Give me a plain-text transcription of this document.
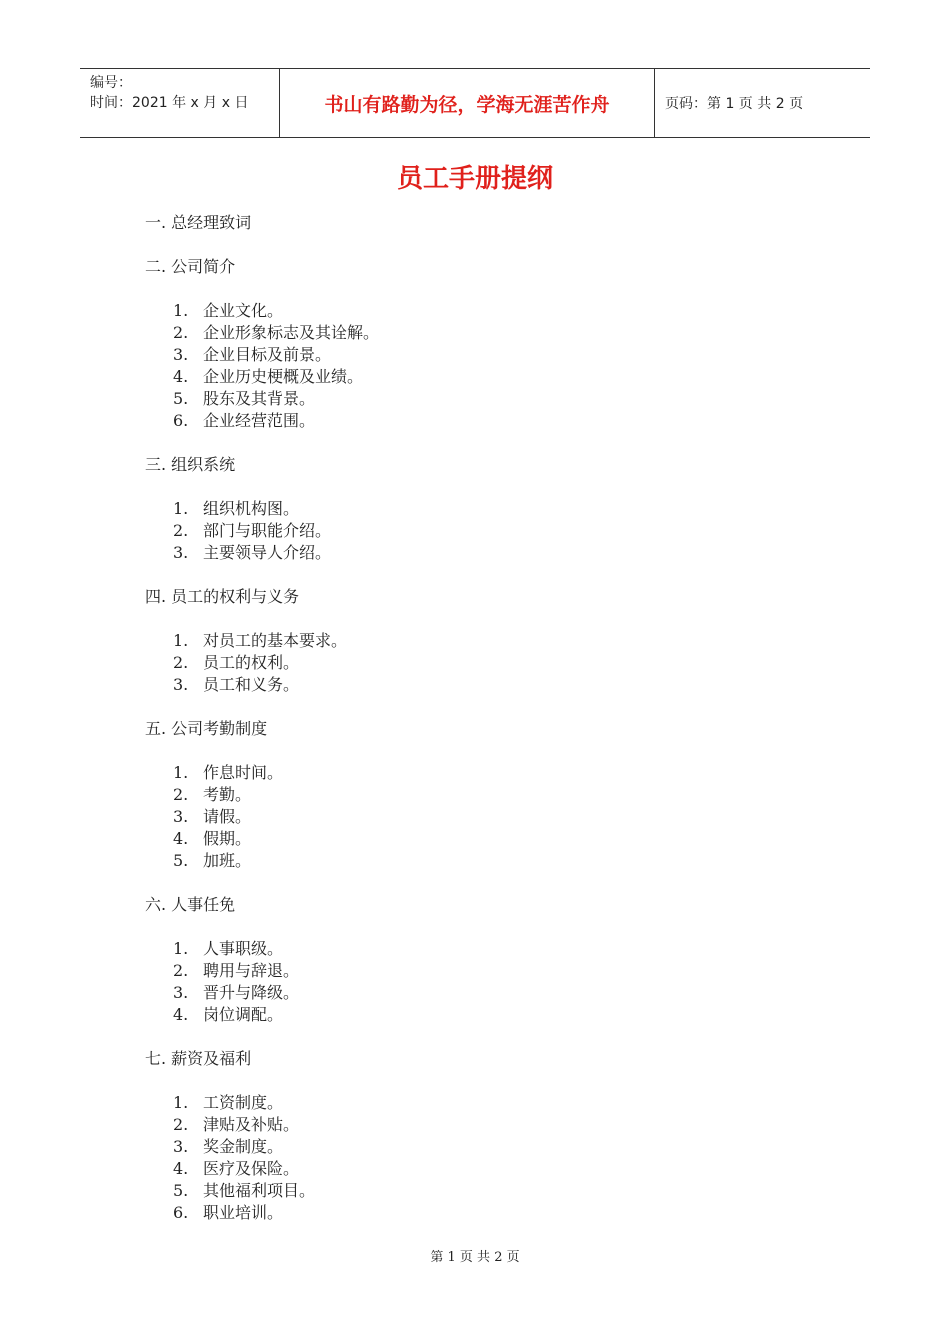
编号：
时间：2021 年 x 月 x 日	书山有路勤为径，学海无涯苦作舟	页码：第 1 页 共 2 页
员工手册提纲
一. 总经理致词
二. 公司简介
1. 企业文化。
2. 企业形象标志及其诠解。
3. 企业目标及前景。
4. 企业历史梗概及业绩。
5. 股东及其背景。
6. 企业经营范围。
三. 组织系统
1. 组织机构图。
2. 部门与职能介绍。
3. 主要领导人介绍。
四. 员工的权利与义务
1. 对员工的基本要求。
2. 员工的权利。
3. 员工和义务。
五. 公司考勤制度
1. 作息时间。
2. 考勤。
3. 请假。
4. 假期。
5. 加班。
六. 人事任免
1. 人事职级。
2. 聘用与辞退。
3. 晋升与降级。
4. 岗位调配。
七. 薪资及福利
1. 工资制度。
2. 津贴及补贴。
3. 奖金制度。
4. 医疗及保险。
5. 其他福利项目。
6. 职业培训。
第 1 页 共 2 页
